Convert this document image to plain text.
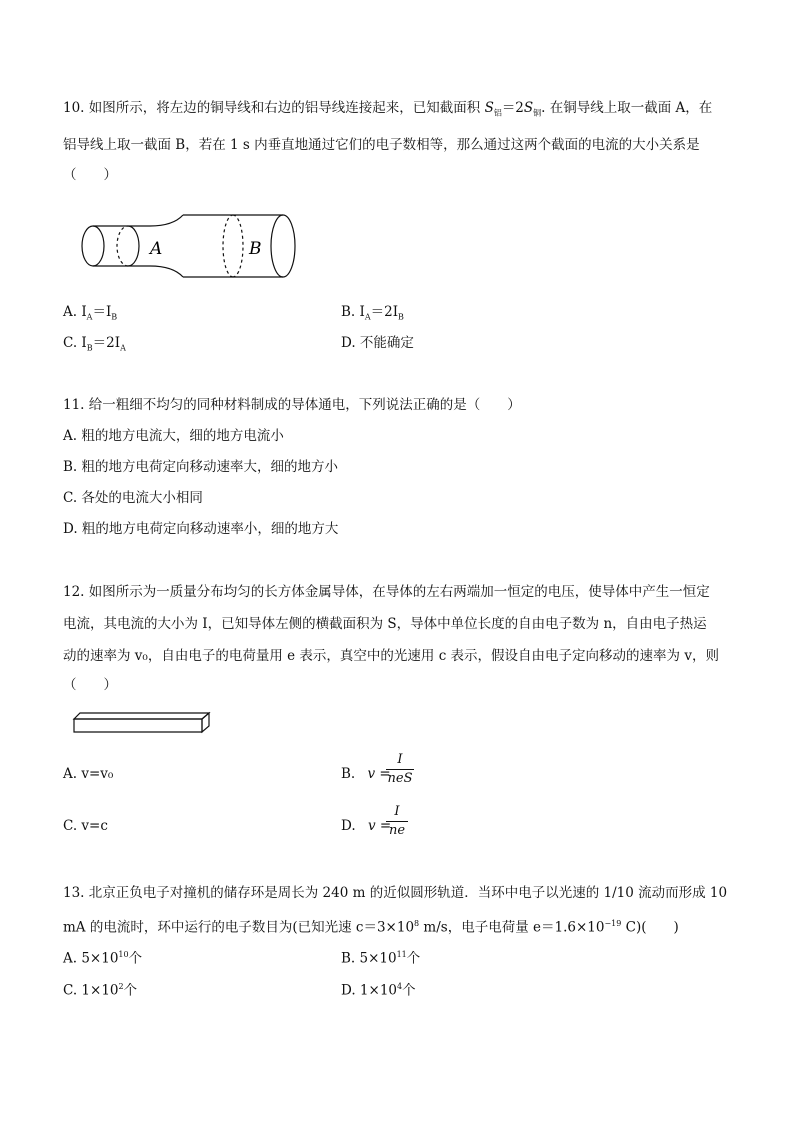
10. 如图所示，将左边的铜导线和右边的铝导线连接起来，已知截面积 $S_铝=2S_铜$. 在铜导线上取一截面 A，在
铝导线上取一截面 B，若在 1 s 内垂直地通过它们的电子数相等，那么通过这两个截面的电流的大小关系是
（　　）
A	B
A. $I_A=I_B$	B. $I_A=2I_B$
C. $I_B=2I_A$	D. 不能确定
11. 给一粗细不均匀的同种材料制成的导体通电，下列说法正确的是（　　）
A. 粗的地方电流大，细的地方电流小
B. 粗的地方电荷定向移动速率大，细的地方小
C. 各处的电流大小相同
D. 粗的地方电荷定向移动速率小，细的地方大
12. 如图所示为一质量分布均匀的长方体金属导体，在导体的左右两端加一恒定的电压，使导体中产生一恒定
电流，其电流的大小为 I，已知导体左侧的横截面积为 S，导体中单位长度的自由电子数为 n，自由电子热运
动的速率为 v₀，自由电子的电荷量用 e 表示，真空中的光速用 c 表示，假设自由电子定向移动的速率为 v，则
（　　）
A. v=v₀	B. v =
I
neS
C. v=c	D. v =
I
ne
13. 北京正负电子对撞机的储存环是周长为 240 m 的近似圆形轨道．当环中电子以光速的 1/10 流动而形成 10
mA 的电流时，环中运行的电子数目为(已知光速 $c=3\times 10^8$ m/s，电子电荷量 $e=1.6\times 10^{-19}$ C)(　　)
A. $5\times 10^{10}$个	B. $5\times 10^{11}$个
C. $1\times 10^2$个	D. $1\times 10^4$个
